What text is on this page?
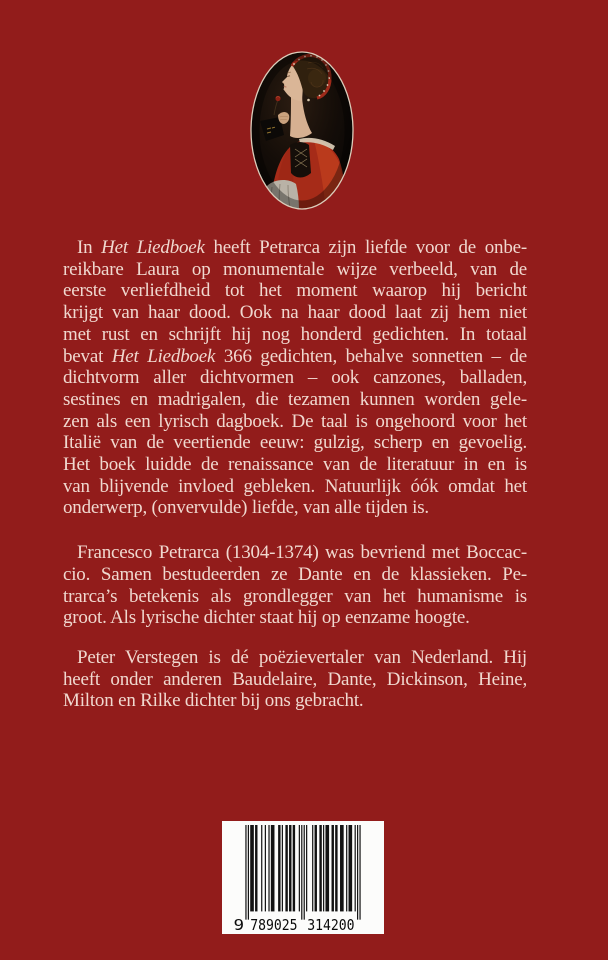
In Het Liedboek heeft Petrarca zijn liefde voor de onbe-
reikbare Laura op monumentale wijze verbeeld, van de
eerste verliefdheid tot het moment waarop hij bericht
krijgt van haar dood. Ook na haar dood laat zij hem niet
met rust en schrijft hij nog honderd gedichten. In totaal
bevat Het Liedboek 366 gedichten, behalve sonnetten – de
dichtvorm aller dichtvormen – ook canzones, balladen,
sestines en madrigalen, die tezamen kunnen worden gele-
zen als een lyrisch dagboek. De taal is ongehoord voor het
Italië van de veertiende eeuw: gulzig, scherp en gevoelig.
Het boek luidde de renaissance van de literatuur in en is
van blijvende invloed gebleken. Natuurlijk óók omdat het
onderwerp, (onvervulde) liefde, van alle tijden is.
Francesco Petrarca (1304-1374) was bevriend met Boccac-
cio. Samen bestudeerden ze Dante en de klassieken. Pe-
trarca’s betekenis als grondlegger van het humanisme is
groot. Als lyrische dichter staat hij op eenzame hoogte.
Peter Verstegen is dé poëzievertaler van Nederland. Hij
heeft onder anderen Baudelaire, Dante, Dickinson, Heine,
Milton en Rilke dichter bij ons gebracht.
9 789025 314200
